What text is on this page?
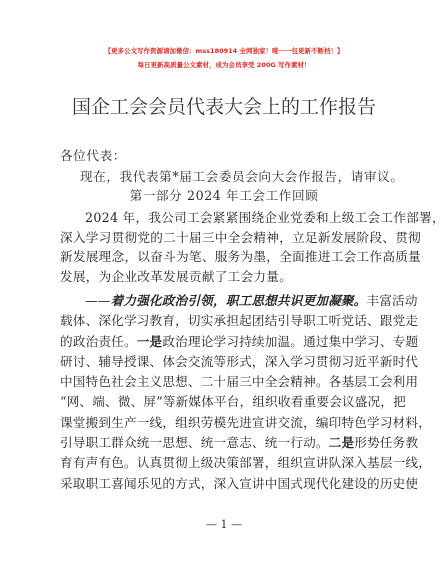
【更多公文写作资源请加微信：mss180914 全网独家！唯一一包更新不断档！】
每日更新高质量公文素材，成为会员享受 200G 写作素材！
国企工会会员代表大会上的工作报告
各位代表：
现在，我代表第*届工会委员会向大会作报告，请审议。
第一部分 2024 年工会工作回顾
2024 年，我公司工会紧紧围绕企业党委和上级工会工作部署，
深入学习贯彻党的二十届三中全会精神，立足新发展阶段、贯彻
新发展理念，以奋斗为笔、服务为墨，全面推进工会工作高质量
发展，为企业改革发展贡献了工会力量。
——着力强化政治引领，职工思想共识更加凝聚。丰富活动
载体、深化学习教育，切实承担起团结引导职工听党话、跟党走
的政治责任。一是政治理论学习持续加温。通过集中学习、专题
研讨、辅导授课、体会交流等形式，深入学习贯彻习近平新时代
中国特色社会主义思想、二十届三中全会精神。各基层工会利用
“网、端、微、屏”等新媒体平台，组织收看重要会议盛况，把
课堂搬到生产一线，组织劳模先进宣讲交流，编印特色学习材料，
引导职工群众统一思想、统一意志、统一行动。二是形势任务教
育有声有色。认真贯彻上级决策部署，组织宣讲队深入基层一线，
采取职工喜闻乐见的方式，深入宣讲中国式现代化建设的历史使
— 1 —
